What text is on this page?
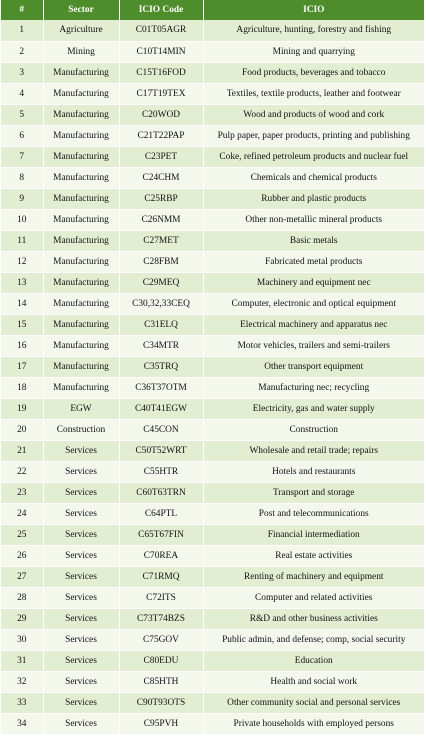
#	Sector	ICIO Code	ICIO
1	Agriculture	C01T05AGR	Agriculture, hunting, forestry and fishing
2	Mining	C10T14MIN	Mining and quarrying
3	Manufacturing	C15T16FOD	Food products, beverages and tobacco
4	Manufacturing	C17T19TEX	Textiles, textile products, leather and footwear
5	Manufacturing	C20WOD	Wood and products of wood and cork
6	Manufacturing	C21T22PAP	Pulp paper, paper products, printing and publishing
7	Manufacturing	C23PET	Coke, refined petroleum products and nuclear fuel
8	Manufacturing	C24CHM	Chemicals and chemical products
9	Manufacturing	C25RBP	Rubber and plastic products
10	Manufacturing	C26NMM	Other non-metallic mineral products
11	Manufacturing	C27MET	Basic metals
12	Manufacturing	C28FBM	Fabricated metal products
13	Manufacturing	C29MEQ	Machinery and equipment nec
14	Manufacturing	C30,32,33CEQ	Computer, electronic and optical equipment
15	Manufacturing	C31ELQ	Electrical machinery and apparatus nec
16	Manufacturing	C34MTR	Motor vehicles, trailers and semi-trailers
17	Manufacturing	C35TRQ	Other transport equipment
18	Manufacturing	C36T37OTM	Manufacturing nec; recycling
19	EGW	C40T41EGW	Electricity, gas and water supply
20	Construction	C45CON	Construction
21	Services	C50T52WRT	Wholesale and retail trade; repairs
22	Services	C55HTR	Hotels and restaurants
23	Services	C60T63TRN	Transport and storage
24	Services	C64PTL	Post and telecommunications
25	Services	C65T67FIN	Financial intermediation
26	Services	C70REA	Real estate activities
27	Services	C71RMQ	Renting of machinery and equipment
28	Services	C72ITS	Computer and related activities
29	Services	C73T74BZS	R&D and other business activities
30	Services	C75GOV	Public admin, and defense; comp, social security
31	Services	C80EDU	Education
32	Services	C85HTH	Health and social work
33	Services	C90T93OTS	Other community social and personal services
34	Services	C95PVH	Private households with employed persons
